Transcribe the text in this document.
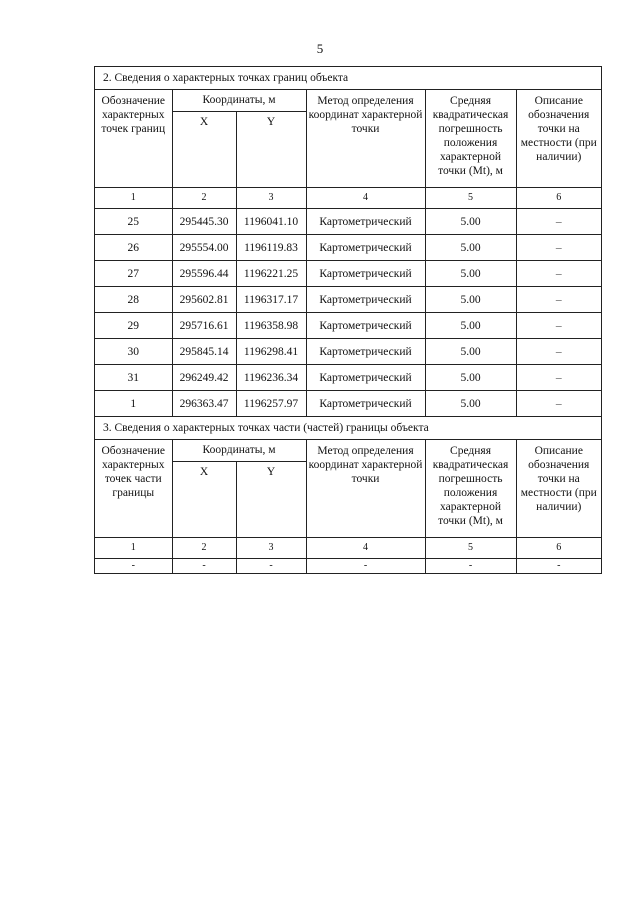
5
2. Сведения о характерных точках границ объекта
Обозначение характерных точек границ	Координаты, м		Метод определения координат характерной точки	Средняя квадратическая погрешность положения характерной точки (Mt), м	Описание обозначения точки на местности (при наличии)
	X	Y			
1	2	3	4	5	6
25	295445.30	1196041.10	Картометрический	5.00	–
26	295554.00	1196119.83	Картометрический	5.00	–
27	295596.44	1196221.25	Картометрический	5.00	–
28	295602.81	1196317.17	Картометрический	5.00	–
29	295716.61	1196358.98	Картометрический	5.00	–
30	295845.14	1196298.41	Картометрический	5.00	–
31	296249.42	1196236.34	Картометрический	5.00	–
1	296363.47	1196257.97	Картометрический	5.00	–
3. Сведения о характерных точках части (частей) границы объекта
Обозначение характерных точек части границы	Координаты, м		Метод определения координат характерной точки	Средняя квадратическая погрешность положения характерной точки (Mt), м	Описание обозначения точки на местности (при наличии)
	X	Y			
1	2	3	4	5	6
-	-	-	-	-	-
